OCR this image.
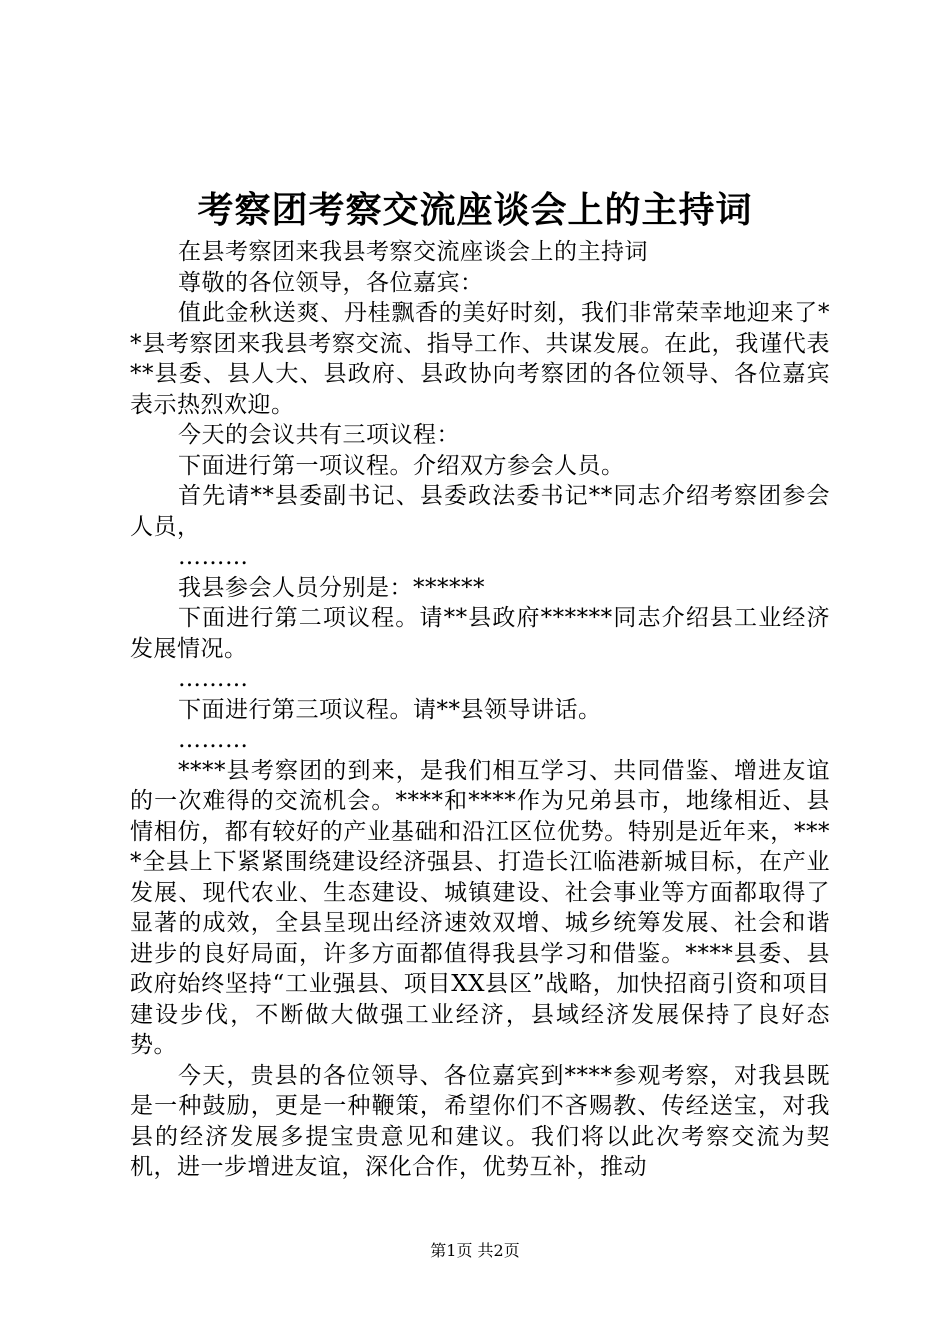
考察团考察交流座谈会上的主持词

在县考察团来我县考察交流座谈会上的主持词

尊敬的各位领导，各位嘉宾：

值此金秋送爽、丹桂飘香的美好时刻，我们非常荣幸地迎来了**县考察团来我县考察交流、指导工作、共谋发展。在此，我谨代表**县委、县人大、县政府、县政协向考察团的各位领导、各位嘉宾表示热烈欢迎。

今天的会议共有三项议程：

下面进行第一项议程。介绍双方参会人员。

首先请**县委副书记、县委政法委书记**同志介绍考察团参会人员，

………

我县参会人员分别是：******

下面进行第二项议程。请**县政府******同志介绍县工业经济发展情况。

………

下面进行第三项议程。请**县领导讲话。

………

****县考察团的到来，是我们相互学习、共同借鉴、增进友谊的一次难得的交流机会。****和****作为兄弟县市，地缘相近、县情相仿，都有较好的产业基础和沿江区位优势。特别是近年来，****全县上下紧紧围绕建设经济强县、打造长江临港新城目标，在产业发展、现代农业、生态建设、城镇建设、社会事业等方面都取得了显著的成效，全县呈现出经济速效双增、城乡统筹发展、社会和谐进步的良好局面，许多方面都值得我县学习和借鉴。****县委、县政府始终坚持“工业强县、项目XX县区”战略，加快招商引资和项目建设步伐，不断做大做强工业经济，县域经济发展保持了良好态势。

今天，贵县的各位领导、各位嘉宾到****参观考察，对我县既是一种鼓励，更是一种鞭策，希望你们不吝赐教、传经送宝，对我县的经济发展多提宝贵意见和建议。我们将以此次考察交流为契机，进一步增进友谊，深化合作，优势互补，推动

第1页 共2页
